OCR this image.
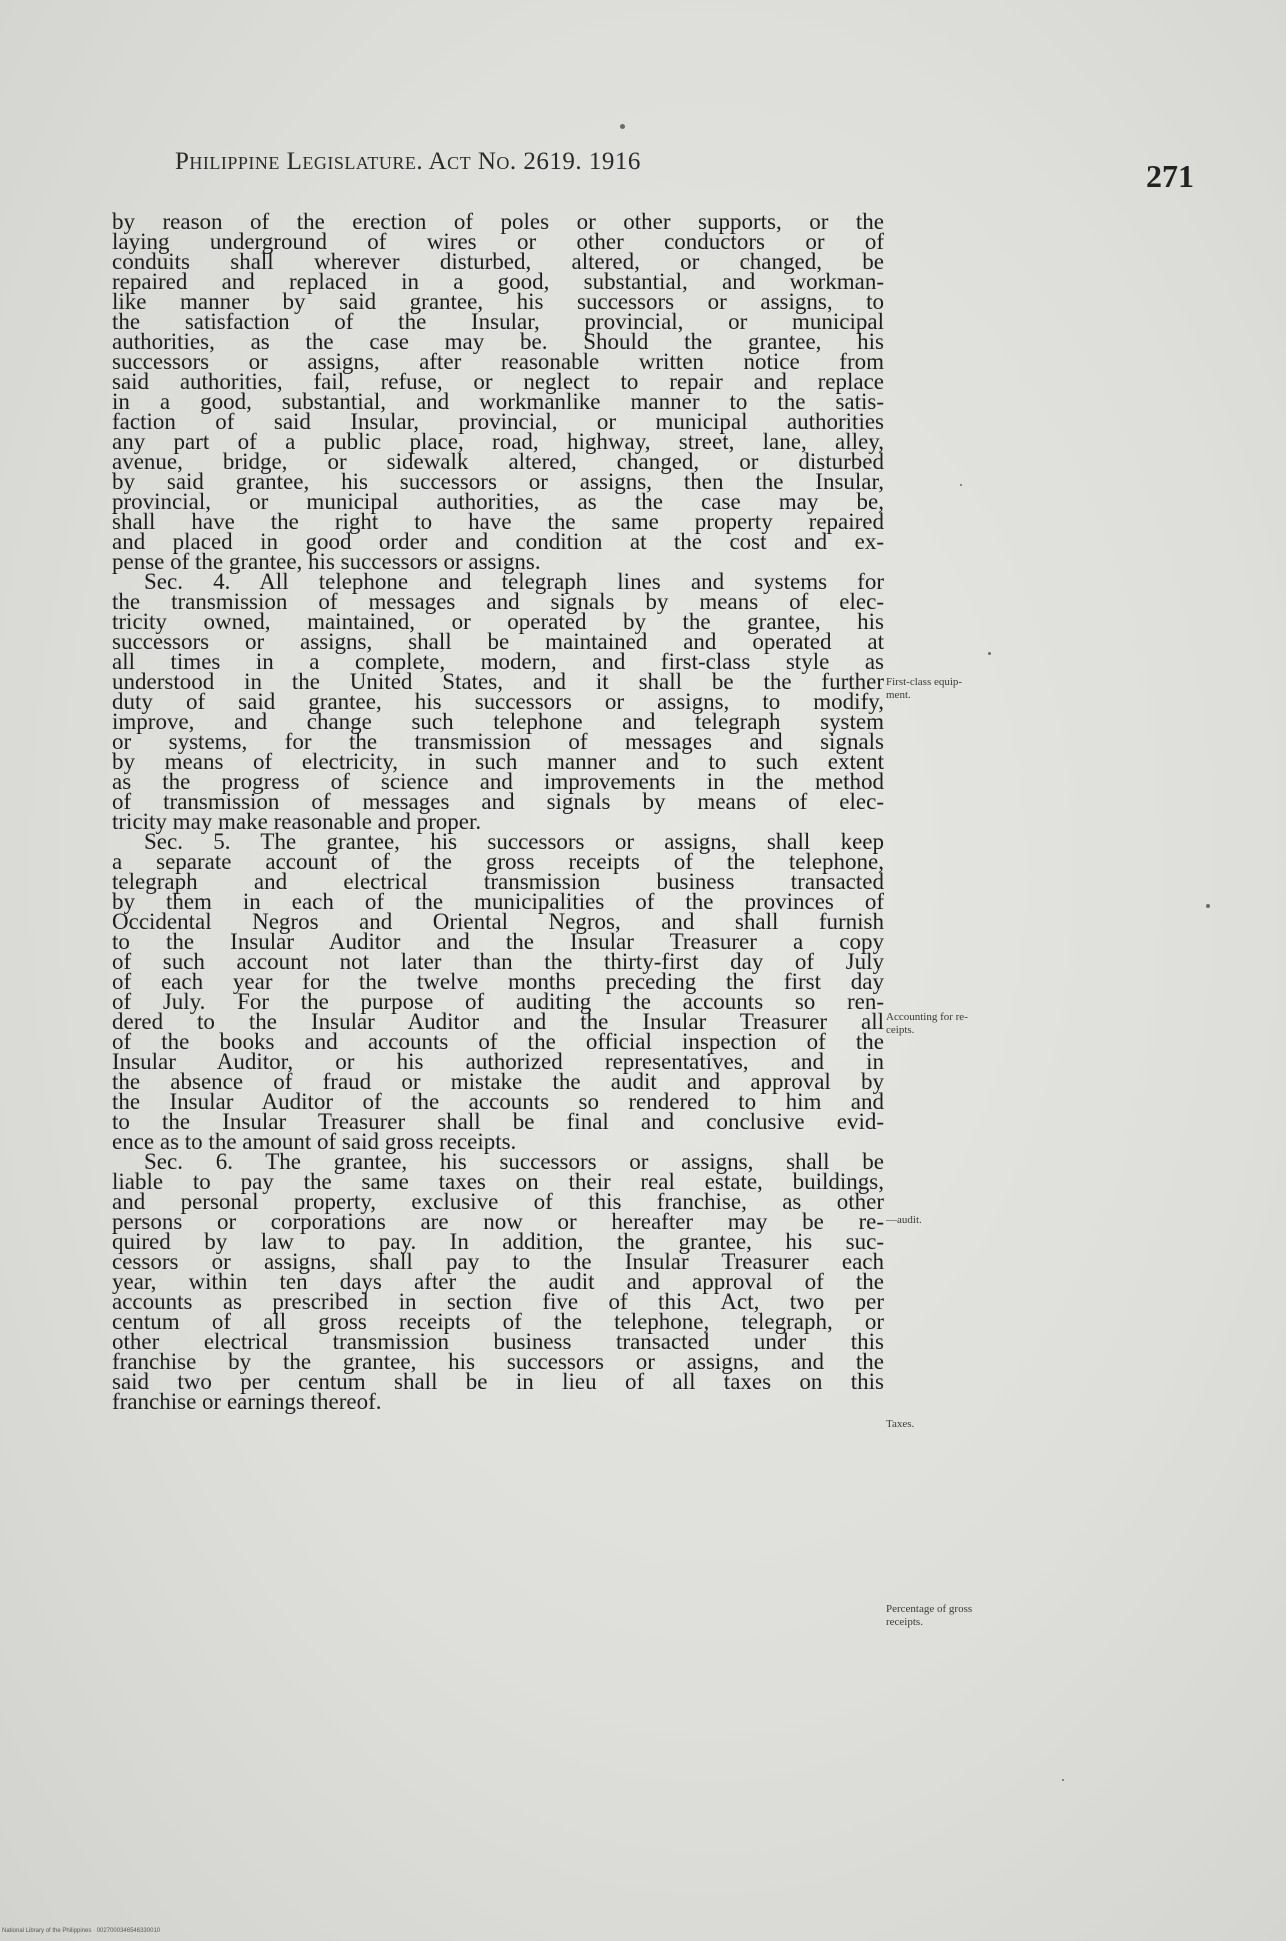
Philippine Legislature. Act No. 2619. 1916	271
by reason of the erection of poles or other supports, or the
laying underground of wires or other conductors or of
conduits shall wherever disturbed, altered, or changed, be
repaired and replaced in a good, substantial, and workman-
like manner by said grantee, his successors or assigns, to
the satisfaction of the Insular, provincial, or municipal
authorities, as the case may be. Should the grantee, his
successors or assigns, after reasonable written notice from
said authorities, fail, refuse, or neglect to repair and replace
in a good, substantial, and workmanlike manner to the satis-
faction of said Insular, provincial, or municipal authorities
any part of a public place, road, highway, street, lane, alley,
avenue, bridge, or sidewalk altered, changed, or disturbed
by said grantee, his successors or assigns, then the Insular,
provincial, or municipal authorities, as the case may be,
shall have the right to have the same property repaired
and placed in good order and condition at the cost and ex-
pense of the grantee, his successors or assigns.
Sec. 4. All telephone and telegraph lines and systems for
the transmission of messages and signals by means of elec-
tricity owned, maintained, or operated by the grantee, his
successors or assigns, shall be maintained and operated at
all times in a complete, modern, and first-class style as
understood in the United States, and it shall be the further
duty of said grantee, his successors or assigns, to modify,
improve, and change such telephone and telegraph system
or systems, for the transmission of messages and signals
by means of electricity, in such manner and to such extent
as the progress of science and improvements in the method
of transmission of messages and signals by means of elec-
tricity may make reasonable and proper.
Sec. 5. The grantee, his successors or assigns, shall keep
a separate account of the gross receipts of the telephone,
telegraph and electrical transmission business transacted
by them in each of the municipalities of the provinces of
Occidental Negros and Oriental Negros, and shall furnish
to the Insular Auditor and the Insular Treasurer a copy
of such account not later than the thirty-first day of July
of each year for the twelve months preceding the first day
of July. For the purpose of auditing the accounts so ren-
dered to the Insular Auditor and the Insular Treasurer all
of the books and accounts of the official inspection of the
Insular Auditor, or his authorized representatives, and in
the absence of fraud or mistake the audit and approval by
the Insular Auditor of the accounts so rendered to him and
to the Insular Treasurer shall be final and conclusive evid-
ence as to the amount of said gross receipts.
Sec. 6. The grantee, his successors or assigns, shall be
liable to pay the same taxes on their real estate, buildings,
and personal property, exclusive of this franchise, as other
persons or corporations are now or hereafter may be re-
quired by law to pay. In addition, the grantee, his suc-
cessors or assigns, shall pay to the Insular Treasurer each
year, within ten days after the audit and approval of the
accounts as prescribed in section five of this Act, two per
centum of all gross receipts of the telephone, telegraph, or
other electrical transmission business transacted under this
franchise by the grantee, his successors or assigns, and the
said two per centum shall be in lieu of all taxes on this
franchise or earnings thereof.
First-class equip-
ment.
Accounting for re-
ceipts.
—audit.
Taxes.
Percentage of gross
receipts.
National Library of the Philippines · 0027000346546330010
